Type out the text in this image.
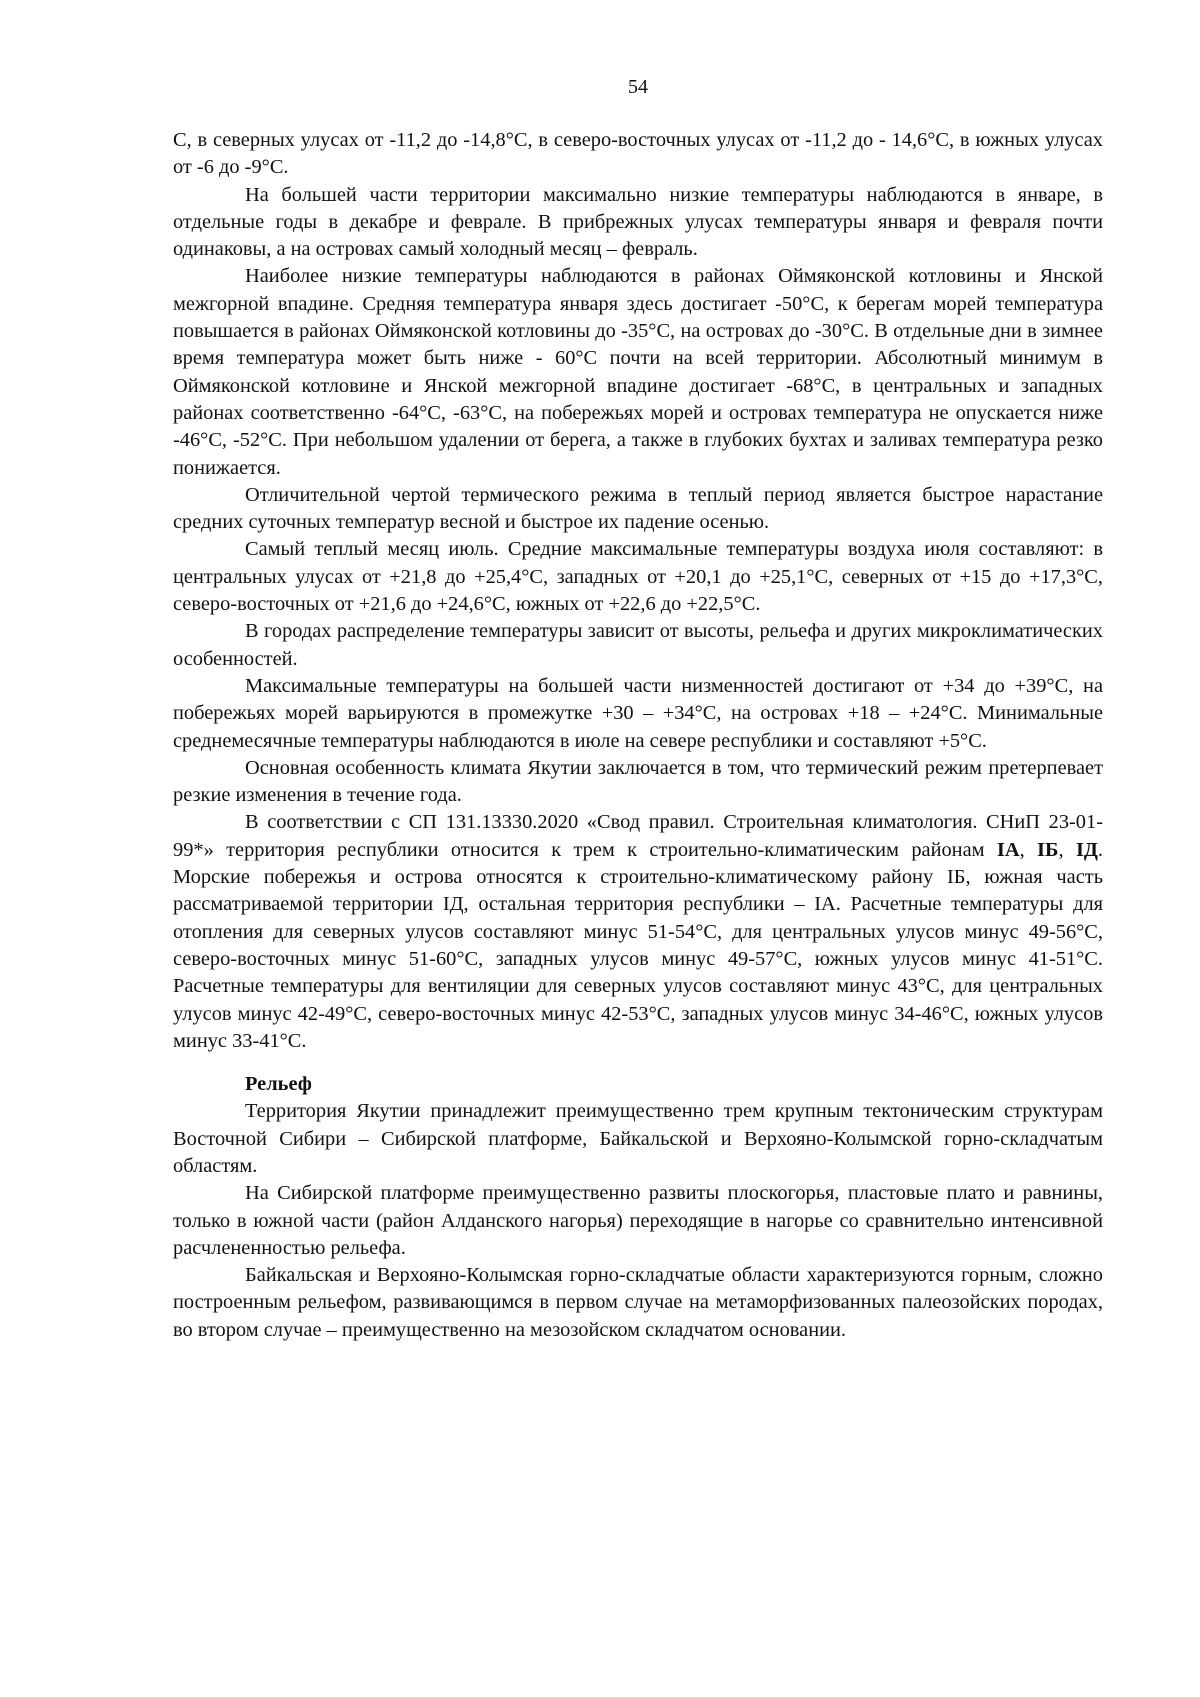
54

С, в северных улусах от -11,2 до -14,8°С, в северо-восточных улусах от -11,2 до - 14,6°С, в южных улусах от -6 до -9°С.

На большей части территории максимально низкие температуры наблюдаются в январе, в отдельные годы в декабре и феврале. В прибрежных улусах температуры января и февраля почти одинаковы, а на островах самый холодный месяц – февраль.

Наиболее низкие температуры наблюдаются в районах Оймяконской котловины и Янской межгорной впадине. Средняя температура января здесь достигает -50°С, к берегам морей температура повышается в районах Оймяконской котловины до -35°С, на островах до -30°С. В отдельные дни в зимнее время температура может быть ниже - 60°С почти на всей территории. Абсолютный минимум в Оймяконской котловине и Янской межгорной впадине достигает -68°С, в центральных и западных районах соответственно -64°С, -63°С, на побережьях морей и островах температура не опускается ниже -46°С, -52°С. При небольшом удалении от берега, а также в глубоких бухтах и заливах температура резко понижается.

Отличительной чертой термического режима в теплый период является быстрое нарастание средних суточных температур весной и быстрое их падение осенью.

Самый теплый месяц июль. Средние максимальные температуры воздуха июля составляют: в центральных улусах от +21,8 до +25,4°С, западных от +20,1 до +25,1°С, северных от +15 до +17,3°С, северо-восточных от +21,6 до +24,6°С, южных от +22,6 до +22,5°С.

В городах распределение температуры зависит от высоты, рельефа и других микроклиматических особенностей.

Максимальные температуры на большей части низменностей достигают от +34 до +39°С, на побережьях морей варьируются в промежутке +30 – +34°С, на островах +18 – +24°С. Минимальные среднемесячные температуры наблюдаются в июле на севере республики и составляют +5°С.

Основная особенность климата Якутии заключается в том, что термический режим претерпевает резкие изменения в течение года.

В соответствии с СП 131.13330.2020 «Свод правил. Строительная климатология. СНиП 23-01-99*» территория республики относится к трем к строительно-климатическим районам IA, IБ, IД. Морские побережья и острова относятся к строительно-климатическому району IБ, южная часть рассматриваемой территории IД, остальная территория республики – IA. Расчетные температуры для отопления для северных улусов составляют минус 51-54°С, для центральных улусов минус 49-56°С, северо-восточных минус 51-60°С, западных улусов минус 49-57°С, южных улусов минус 41-51°С. Расчетные температуры для вентиляции для северных улусов составляют минус 43°С, для центральных улусов минус 42-49°С, северо-восточных минус 42-53°С, западных улусов минус 34-46°С, южных улусов минус 33-41°С.

Рельеф

Территория Якутии принадлежит преимущественно трем крупным тектоническим структурам Восточной Сибири – Сибирской платформе, Байкальской и Верхояно-Колымской горно-складчатым областям.

На Сибирской платформе преимущественно развиты плоскогорья, пластовые плато и равнины, только в южной части (район Алданского нагорья) переходящие в нагорье со сравнительно интенсивной расчлененностью рельефа.

Байкальская и Верхояно-Колымская горно-складчатые области характеризуются горным, сложно построенным рельефом, развивающимся в первом случае на метаморфизованных палеозойских породах, во втором случае – преимущественно на мезозойском складчатом основании.
